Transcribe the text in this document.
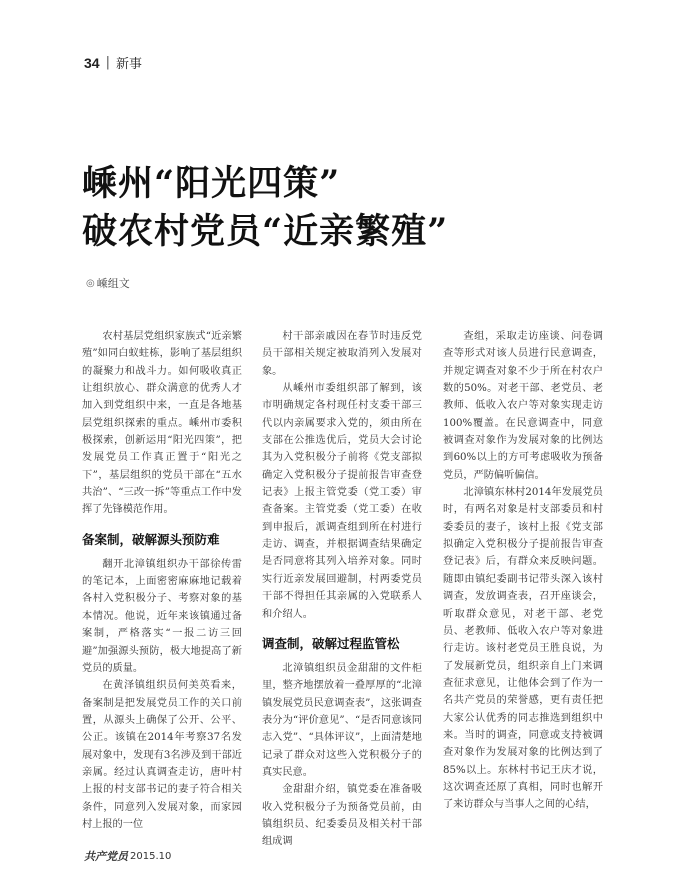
34 | 新事
嵊州“阳光四策”
破农村党员“近亲繁殖”
◎ 嵊组文

农村基层党组织家族式“近亲繁殖”如同白蚁蛀栋，影响了基层组织的凝聚力和战斗力。如何吸收真正让组织放心、群众满意的优秀人才加入到党组织中来，一直是各地基层党组织探索的重点。嵊州市委积极探索，创新运用“阳光四策”，把发展党员工作真正置于“阳光之下”，基层组织的党员干部在“五水共治”、“三改一拆”等重点工作中发挥了先锋模范作用。

备案制，破解源头预防难

翻开北漳镇组织办干部徐传雷的笔记本，上面密密麻麻地记载着各村入党积极分子、考察对象的基本情况。他说，近年来该镇通过备案制，严格落实“一报二访三回避”加强源头预防，极大地提高了新党员的质量。

在黄泽镇组织员何美英看来，备案制是把发展党员工作的关口前置，从源头上确保了公开、公平、公正。该镇在2014年考察37名发展对象中，发现有3名涉及到干部近亲属。经过认真调查走访，唐叶村上报的村支部书记的妻子符合相关条件，同意列入发展对象，而家园村上报的一位

村干部亲戚因在春节时违反党员干部相关规定被取消列入发展对象。

从嵊州市委组织部了解到，该市明确规定各村现任村支委干部三代以内亲属要求入党的，须由所在支部在公推选优后，党员大会讨论其为入党积极分子前将《党支部拟确定入党积极分子提前报告审查登记表》上报主管党委（党工委）审查备案。主管党委（党工委）在收到申报后，派调查组到所在村进行走访、调查，并根据调查结果确定是否同意将其列入培养对象。同时实行近亲发展回避制，村两委党员干部不得担任其亲属的入党联系人和介绍人。

调查制，破解过程监管松

北漳镇组织员金甜甜的文件柜里，整齐地摆放着一叠厚厚的“北漳镇发展党员民意调查表”，这张调查表分为“评价意见”、“是否同意该同志入党”、“具体评议”，上面清楚地记录了群众对这些入党积极分子的真实民意。

金甜甜介绍，镇党委在准备吸收入党积极分子为预备党员前，由镇组织员、纪委委员及相关村干部组成调

查组，采取走访座谈、问卷调查等形式对该人员进行民意调查，并规定调查对象不少于所在村农户数的50%。对老干部、老党员、老教师、低收入农户等对象实现走访100%覆盖。在民意调查中，同意被调查对象作为发展对象的比例达到60%以上的方可考虑吸收为预备党员，严防偏听偏信。

北漳镇东林村2014年发展党员时，有两名对象是村支部委员和村委委员的妻子，该村上报《党支部拟确定入党积极分子提前报告审查登记表》后，有群众来反映问题。随即由镇纪委副书记带头深入该村调查，发放调查表，召开座谈会，听取群众意见，对老干部、老党员、老教师、低收入农户等对象进行走访。该村老党员王胜良说，为了发展新党员，组织亲自上门来调查征求意见，让他体会到了作为一名共产党员的荣誉感，更有责任把大家公认优秀的同志推选到组织中来。当时的调查，同意或支持被调查对象作为发展对象的比例达到了85%以上。东林村书记王庆才说，这次调查还原了真相，同时也解开了来访群众与当事人之间的心结，

共产党员 2015.10
